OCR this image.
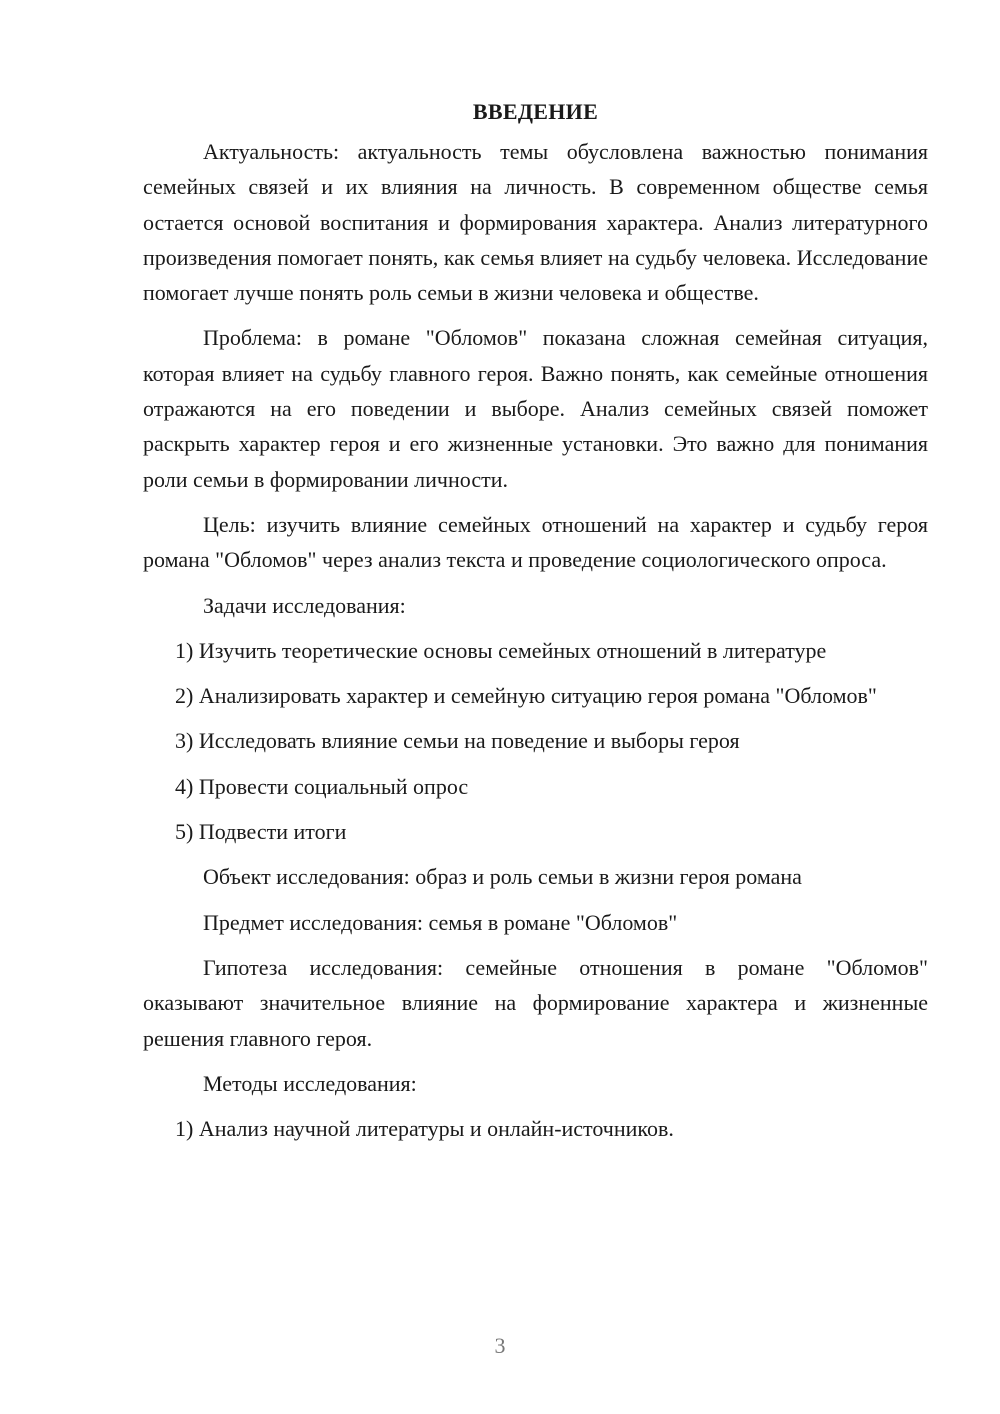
ВВЕДЕНИЕ

Актуальность: актуальность темы обусловлена важностью понимания семейных связей и их влияния на личность. В современном обществе семья остается основой воспитания и формирования характера. Анализ литературного произведения помогает понять, как семья влияет на судьбу человека. Исследование помогает лучше понять роль семьи в жизни человека и обществе.

Проблема: в романе "Обломов" показана сложная семейная ситуация, которая влияет на судьбу главного героя. Важно понять, как семейные отношения отражаются на его поведении и выборе. Анализ семейных связей поможет раскрыть характер героя и его жизненные установки. Это важно для понимания роли семьи в формировании личности.

Цель: изучить влияние семейных отношений на характер и судьбу героя романа "Обломов" через анализ текста и проведение социологического опроса.

Задачи исследования:

1) Изучить теоретические основы семейных отношений в литературе

2) Анализировать характер и семейную ситуацию героя романа "Обломов"

3) Исследовать влияние семьи на поведение и выборы героя

4) Провести социальный опрос

5) Подвести итоги

Объект исследования: образ и роль семьи в жизни героя романа

Предмет исследования: семья в романе "Обломов"

Гипотеза исследования: семейные отношения в романе "Обломов" оказывают значительное влияние на формирование характера и жизненные решения главного героя.

Методы исследования:

1) Анализ научной литературы и онлайн-источников.

3
